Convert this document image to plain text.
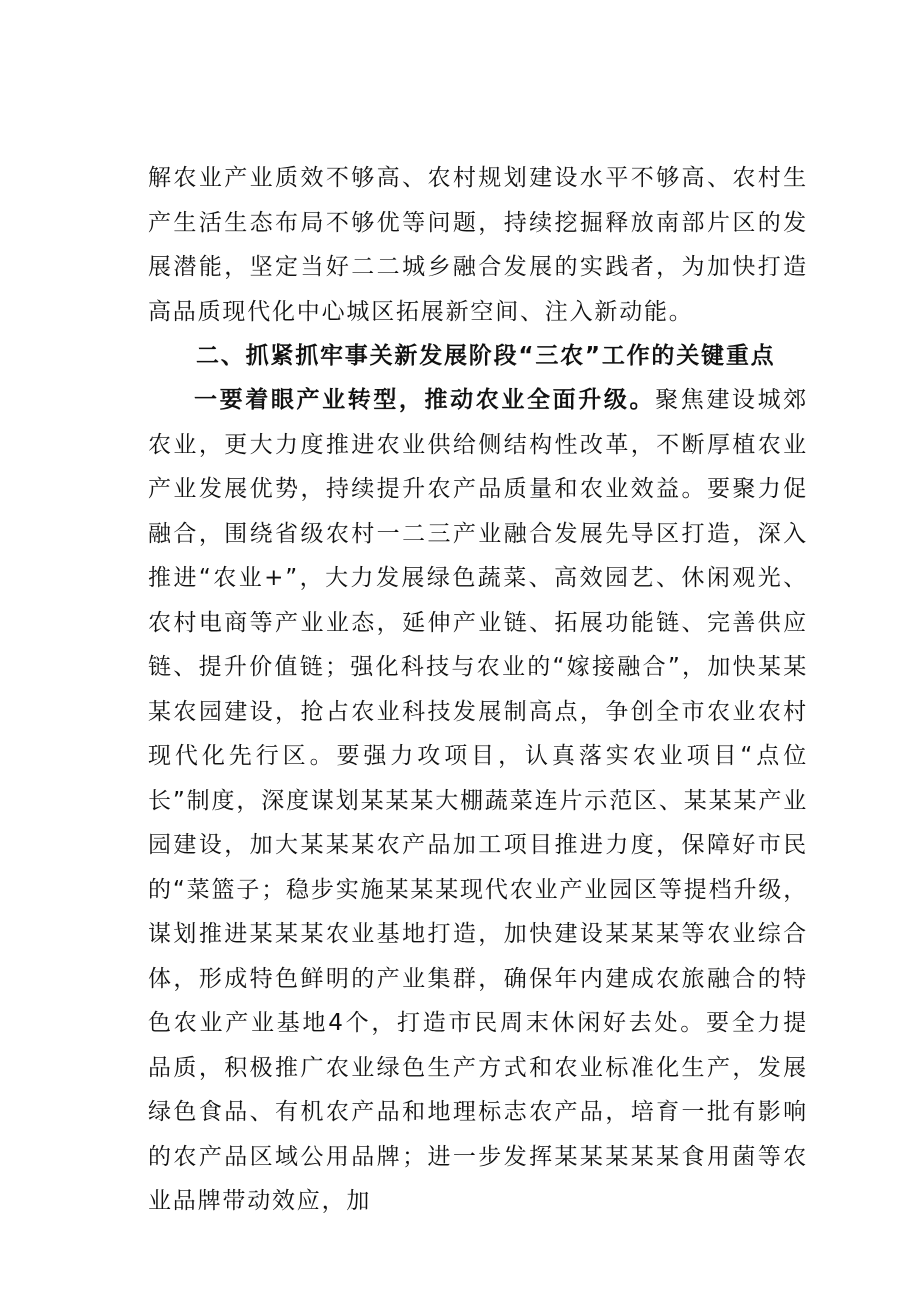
解农业产业质效不够高、农村规划建设水平不够高、农村生产生活生态布局不够优等问题，持续挖掘释放南部片区的发展潜能，坚定当好二二城乡融合发展的实践者，为加快打造高品质现代化中心城区拓展新空间、注入新动能。
二、抓紧抓牢事关新发展阶段“三农”工作的关键重点
一要着眼产业转型，推动农业全面升级。聚焦建设城郊农业，更大力度推进农业供给侧结构性改革，不断厚植农业产业发展优势，持续提升农产品质量和农业效益。要聚力促融合，围绕省级农村一二三产业融合发展先导区打造，深入推进“农业+”，大力发展绿色蔬菜、高效园艺、休闲观光、农村电商等产业业态，延伸产业链、拓展功能链、完善供应链、提升价值链；强化科技与农业的“嫁接融合”，加快某某某农园建设，抢占农业科技发展制高点，争创全市农业农村现代化先行区。要强力攻项目，认真落实农业项目“点位长”制度，深度谋划某某某大棚蔬菜连片示范区、某某某产业园建设，加大某某某农产品加工项目推进力度，保障好市民的“菜篮子；稳步实施某某某现代农业产业园区等提档升级，谋划推进某某某农业基地打造，加快建设某某某等农业综合体，形成特色鲜明的产业集群，确保年内建成农旅融合的特色农业产业基地4个，打造市民周末休闲好去处。要全力提品质，积极推广农业绿色生产方式和农业标准化生产，发展绿色食品、有机农产品和地理标志农产品，培育一批有影响的农产品区域公用品牌；进一步发挥某某某某某食用菌等农业品牌带动效应，加
